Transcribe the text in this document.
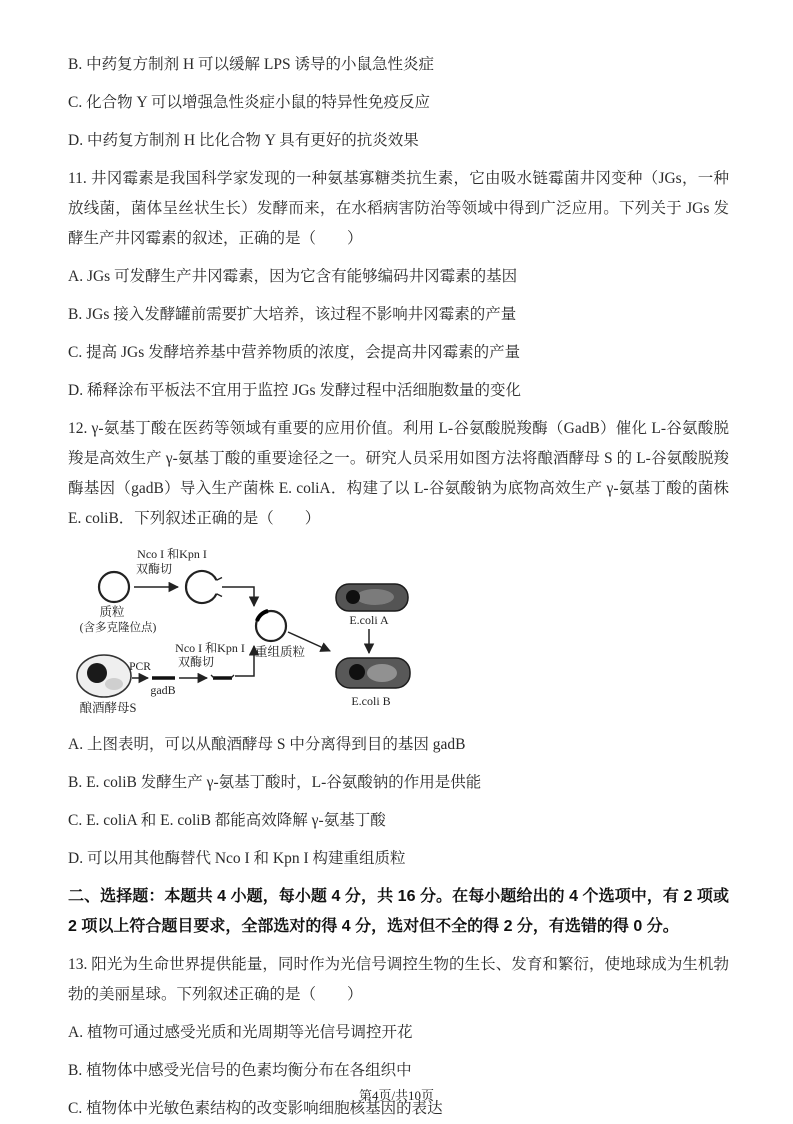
B. 中药复方制剂 H 可以缓解 LPS 诱导的小鼠急性炎症

C. 化合物 Y 可以增强急性炎症小鼠的特异性免疫反应

D. 中药复方制剂 H 比化合物 Y 具有更好的抗炎效果

11. 井冈霉素是我国科学家发现的一种氨基寡糖类抗生素，它由吸水链霉菌井冈变种（JGs，一种放线菌，菌体呈丝状生长）发酵而来，在水稻病害防治等领域中得到广泛应用。下列关于 JGs 发酵生产井冈霉素的叙述，正确的是（　　）

A. JGs 可发酵生产井冈霉素，因为它含有能够编码井冈霉素的基因

B. JGs 接入发酵罐前需要扩大培养，该过程不影响井冈霉素的产量

C. 提高 JGs 发酵培养基中营养物质的浓度，会提高井冈霉素的产量

D. 稀释涂布平板法不宜用于监控 JGs 发酵过程中活细胞数量的变化

12. γ-氨基丁酸在医药等领域有重要的应用价值。利用 L-谷氨酸脱羧酶（GadB）催化 L-谷氨酸脱羧是高效生产 γ-氨基丁酸的重要途径之一。研究人员采用如图方法将酿酒酵母 S 的 L-谷氨酸脱羧酶基因（gadB）导入生产菌株 E. coliA．构建了以 L-谷氨酸钠为底物高效生产 γ-氨基丁酸的菌株 E. coliB．下列叙述正确的是（　　）

质粒
(含多克隆位点)
Nco I 和Kpn I
双酶切
重组质粒
酿酒酵母S
PCR
gadB
Nco I 和Kpn I
双酶切
E.coli A
E.coli B

A. 上图表明，可以从酿酒酵母 S 中分离得到目的基因 gadB

B. E. coliB 发酵生产 γ-氨基丁酸时，L-谷氨酸钠的作用是供能

C. E. coliA 和 E. coliB 都能高效降解 γ-氨基丁酸

D. 可以用其他酶替代 Nco I 和 Kpn I 构建重组质粒

二、选择题：本题共 4 小题，每小题 4 分，共 16 分。在每小题给出的 4 个选项中，有 2 项或 2 项以上符合题目要求，全部选对的得 4 分，选对但不全的得 2 分，有选错的得 0 分。

13. 阳光为生命世界提供能量，同时作为光信号调控生物的生长、发育和繁衍，使地球成为生机勃勃的美丽星球。下列叙述正确的是（　　）

A. 植物可通过感受光质和光周期等光信号调控开花

B. 植物体中感受光信号的色素均衡分布在各组织中

C. 植物体中光敏色素结构的改变影响细胞核基因的表达

第4页/共10页
